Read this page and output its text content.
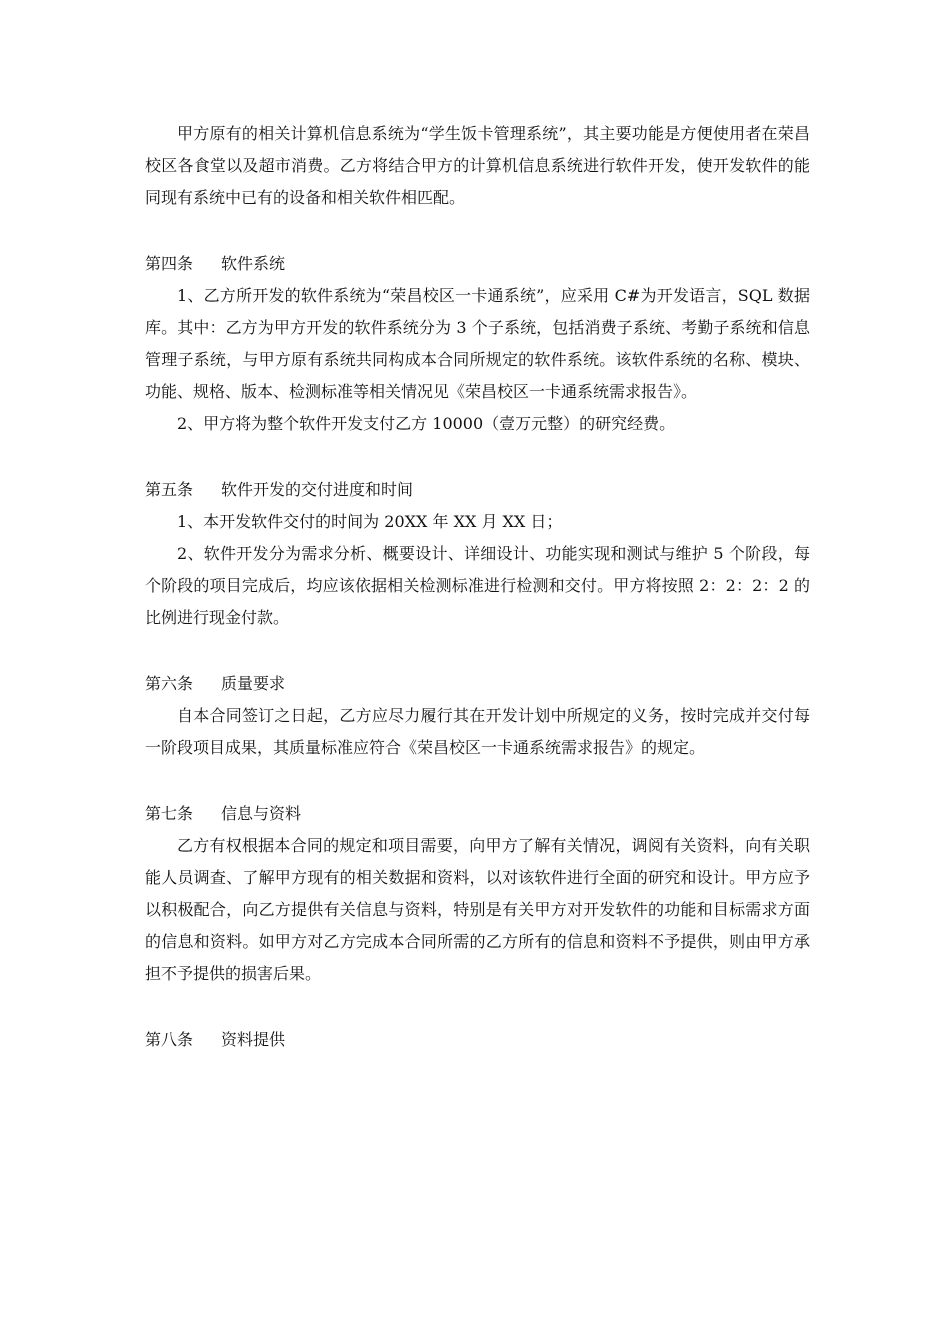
甲方原有的相关计算机信息系统为“学生饭卡管理系统”，其主要功能是方便使用者在荣昌校区各食堂以及超市消费。乙方将结合甲方的计算机信息系统进行软件开发，使开发软件的能同现有系统中已有的设备和相关软件相匹配。

第四条 软件系统

1、乙方所开发的软件系统为“荣昌校区一卡通系统”，应采用 C#为开发语言，SQL 数据库。其中：乙方为甲方开发的软件系统分为 3 个子系统，包括消费子系统、考勤子系统和信息管理子系统，与甲方原有系统共同构成本合同所规定的软件系统。该软件系统的名称、模块、功能、规格、版本、检测标准等相关情况见《荣昌校区一卡通系统需求报告》。

2、甲方将为整个软件开发支付乙方 10000（壹万元整）的研究经费。

第五条 软件开发的交付进度和时间

1、本开发软件交付的时间为 20XX 年 XX 月 XX 日；

2、软件开发分为需求分析、概要设计、详细设计、功能实现和测试与维护 5 个阶段，每个阶段的项目完成后，均应该依据相关检测标准进行检测和交付。甲方将按照 2：2：2：2 的比例进行现金付款。

第六条 质量要求

自本合同签订之日起，乙方应尽力履行其在开发计划中所规定的义务，按时完成并交付每一阶段项目成果，其质量标准应符合《荣昌校区一卡通系统需求报告》的规定。

第七条 信息与资料

乙方有权根据本合同的规定和项目需要，向甲方了解有关情况，调阅有关资料，向有关职能人员调查、了解甲方现有的相关数据和资料，以对该软件进行全面的研究和设计。甲方应予以积极配合，向乙方提供有关信息与资料，特别是有关甲方对开发软件的功能和目标需求方面的信息和资料。如甲方对乙方完成本合同所需的乙方所有的信息和资料不予提供，则由甲方承担不予提供的损害后果。

第八条 资料提供
